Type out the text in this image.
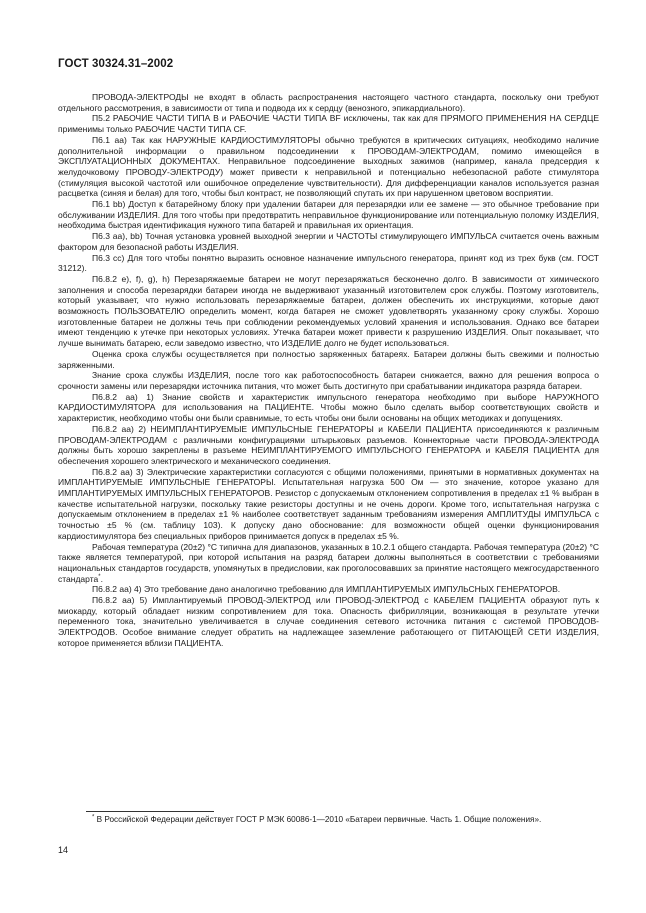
ГОСТ 30324.31–2002

ПРОВОДА-ЭЛЕКТРОДЫ не входят в область распространения настоящего частного стандарта, поскольку они требуют отдельного рассмотрения, в зависимости от типа и подвода их к сердцу (венозного, эпикардиального).

П5.2 РАБОЧИЕ ЧАСТИ ТИПА B и РАБОЧИЕ ЧАСТИ ТИПА BF исключены, так как для ПРЯМОГО ПРИМЕНЕНИЯ НА СЕРДЦЕ применимы только РАБОЧИЕ ЧАСТИ ТИПА CF.

П6.1 aa) Так как НАРУЖНЫЕ КАРДИОСТИМУЛЯТОРЫ обычно требуются в критических ситуациях, необходимо наличие дополнительной информации о правильном подсоединении к ПРОВОДАМ-ЭЛЕКТРОДАМ, помимо имеющейся в ЭКСПЛУАТАЦИОННЫХ ДОКУМЕНТАХ. Неправильное подсоединение выходных зажимов (например, канала предсердия к желудочковому ПРОВОДУ-ЭЛЕКТРОДУ) может привести к неправильной и потенциально небезопасной работе стимулятора (стимуляция высокой частотой или ошибочное определение чувствительности). Для дифференциации каналов используется разная расцветка (синяя и белая) для того, чтобы был контраст, не позволяющий спутать их при нарушенном цветовом восприятии.

П6.1 bb) Доступ к батарейному блоку при удалении батареи для перезарядки или ее замене — это обычное требование при обслуживании ИЗДЕЛИЯ. Для того чтобы при предотвратить неправильное функционирование или потенциальную поломку ИЗДЕЛИЯ, необходима быстрая идентификация нужного типа батарей и правильная их ориентация.

П6.3 aa), bb) Точная установка уровней выходной энергии и ЧАСТОТЫ стимулирующего ИМПУЛЬСА считается очень важным фактором для безопасной работы ИЗДЕЛИЯ.

П6.3 cc) Для того чтобы понятно выразить основное назначение импульсного генератора, принят код из трех букв (см. ГОСТ 31212).

П6.8.2 e), f), g), h) Перезаряжаемые батареи не могут перезаряжаться бесконечно долго. В зависимости от химического заполнения и способа перезарядки батареи иногда не выдерживают указанный изготовителем срок службы. Поэтому изготовитель, который указывает, что нужно использовать перезаряжаемые батареи, должен обеспечить их инструкциями, которые дают возможность ПОЛЬЗОВАТЕЛЮ определить момент, когда батарея не сможет удовлетворять указанному сроку службы. Хорошо изготовленные батареи не должны течь при соблюдении рекомендуемых условий хранения и использования. Однако все батареи имеют тенденцию к утечке при некоторых условиях. Утечка батареи может привести к разрушению ИЗДЕЛИЯ. Опыт показывает, что лучше вынимать батарею, если заведомо известно, что ИЗДЕЛИЕ долго не будет использоваться.

Оценка срока службы осуществляется при полностью заряженных батареях. Батареи должны быть свежими и полностью заряженными.

Знание срока службы ИЗДЕЛИЯ, после того как работоспособность батареи снижается, важно для решения вопроса о срочности замены или перезарядки источника питания, что может быть достигнуто при срабатывании индикатора разряда батареи.

П6.8.2 aa) 1) Знание свойств и характеристик импульсного генератора необходимо при выборе НАРУЖНОГО КАРДИОСТИМУЛЯТОРА для использования на ПАЦИЕНТЕ. Чтобы можно было сделать выбор соответствующих свойств и характеристик, необходимо чтобы они были сравнимые, то есть чтобы они были основаны на общих методиках и допущениях.

П6.8.2 aa) 2) НЕИМПЛАНТИРУЕМЫЕ ИМПУЛЬСНЫЕ ГЕНЕРАТОРЫ и КАБЕЛИ ПАЦИЕНТА присоединяются к различным ПРОВОДАМ-ЭЛЕКТРОДАМ с различными конфигурациями штырьковых разъемов. Коннекторные части ПРОВОДА-ЭЛЕКТРОДА должны быть хорошо закреплены в разъеме НЕИМПЛАНТИРУЕМОГО ИМПУЛЬСНОГО ГЕНЕРАТОРА и КАБЕЛЯ ПАЦИЕНТА для обеспечения хорошего электрического и механического соединения.

П6.8.2 aa) 3) Электрические характеристики согласуются с общими положениями, принятыми в нормативных документах на ИМПЛАНТИРУЕМЫЕ ИМПУЛЬСНЫЕ ГЕНЕРАТОРЫ. Испытательная нагрузка 500 Ом — это значение, которое указано для ИМПЛАНТИРУЕМЫХ ИМПУЛЬСНЫХ ГЕНЕРАТОРОВ. Резистор с допускаемым отклонением сопротивления в пределах ±1 % выбран в качестве испытательной нагрузки, поскольку такие резисторы доступны и не очень дороги. Кроме того, испытательная нагрузка с допускаемым отклонением в пределах ±1 % наиболее соответствует заданным требованиям измерения АМПЛИТУДЫ ИМПУЛЬСА с точностью ±5 % (см. таблицу 103). К допуску дано обоснование: для возможности общей оценки функционирования кардиостимулятора без специальных приборов принимается допуск в пределах ±5 %.

Рабочая температура (20±2) °С типична для диапазонов, указанных в 10.2.1 общего стандарта. Рабочая температура (20±2) °С также является температурой, при которой испытания на разряд батареи должны выполняться в соответствии с требованиями национальных стандартов государств, упомянутых в предисловии, как проголосовавших за принятие настоящего межгосударственного стандарта*.

П6.8.2 aa) 4) Это требование дано аналогично требованию для ИМПЛАНТИРУЕМЫХ ИМПУЛЬСНЫХ ГЕНЕРАТОРОВ.

П6.8.2 aa) 5) Имплантируемый ПРОВОД-ЭЛЕКТРОД или ПРОВОД-ЭЛЕКТРОД с КАБЕЛЕМ ПАЦИЕНТА образуют путь к миокарду, который обладает низким сопротивлением для тока. Опасность фибрилляции, возникающая в результате утечки переменного тока, значительно увеличивается в случае соединения сетевого источника питания с системой ПРОВОДОВ-ЭЛЕКТРОДОВ. Особое внимание следует обратить на надлежащее заземление работающего от ПИТАЮЩЕЙ СЕТИ ИЗДЕЛИЯ, которое применяется вблизи ПАЦИЕНТА.

* В Российской Федерации действует ГОСТ Р МЭК 60086-1—2010 «Батареи первичные. Часть 1. Общие положения».

14
